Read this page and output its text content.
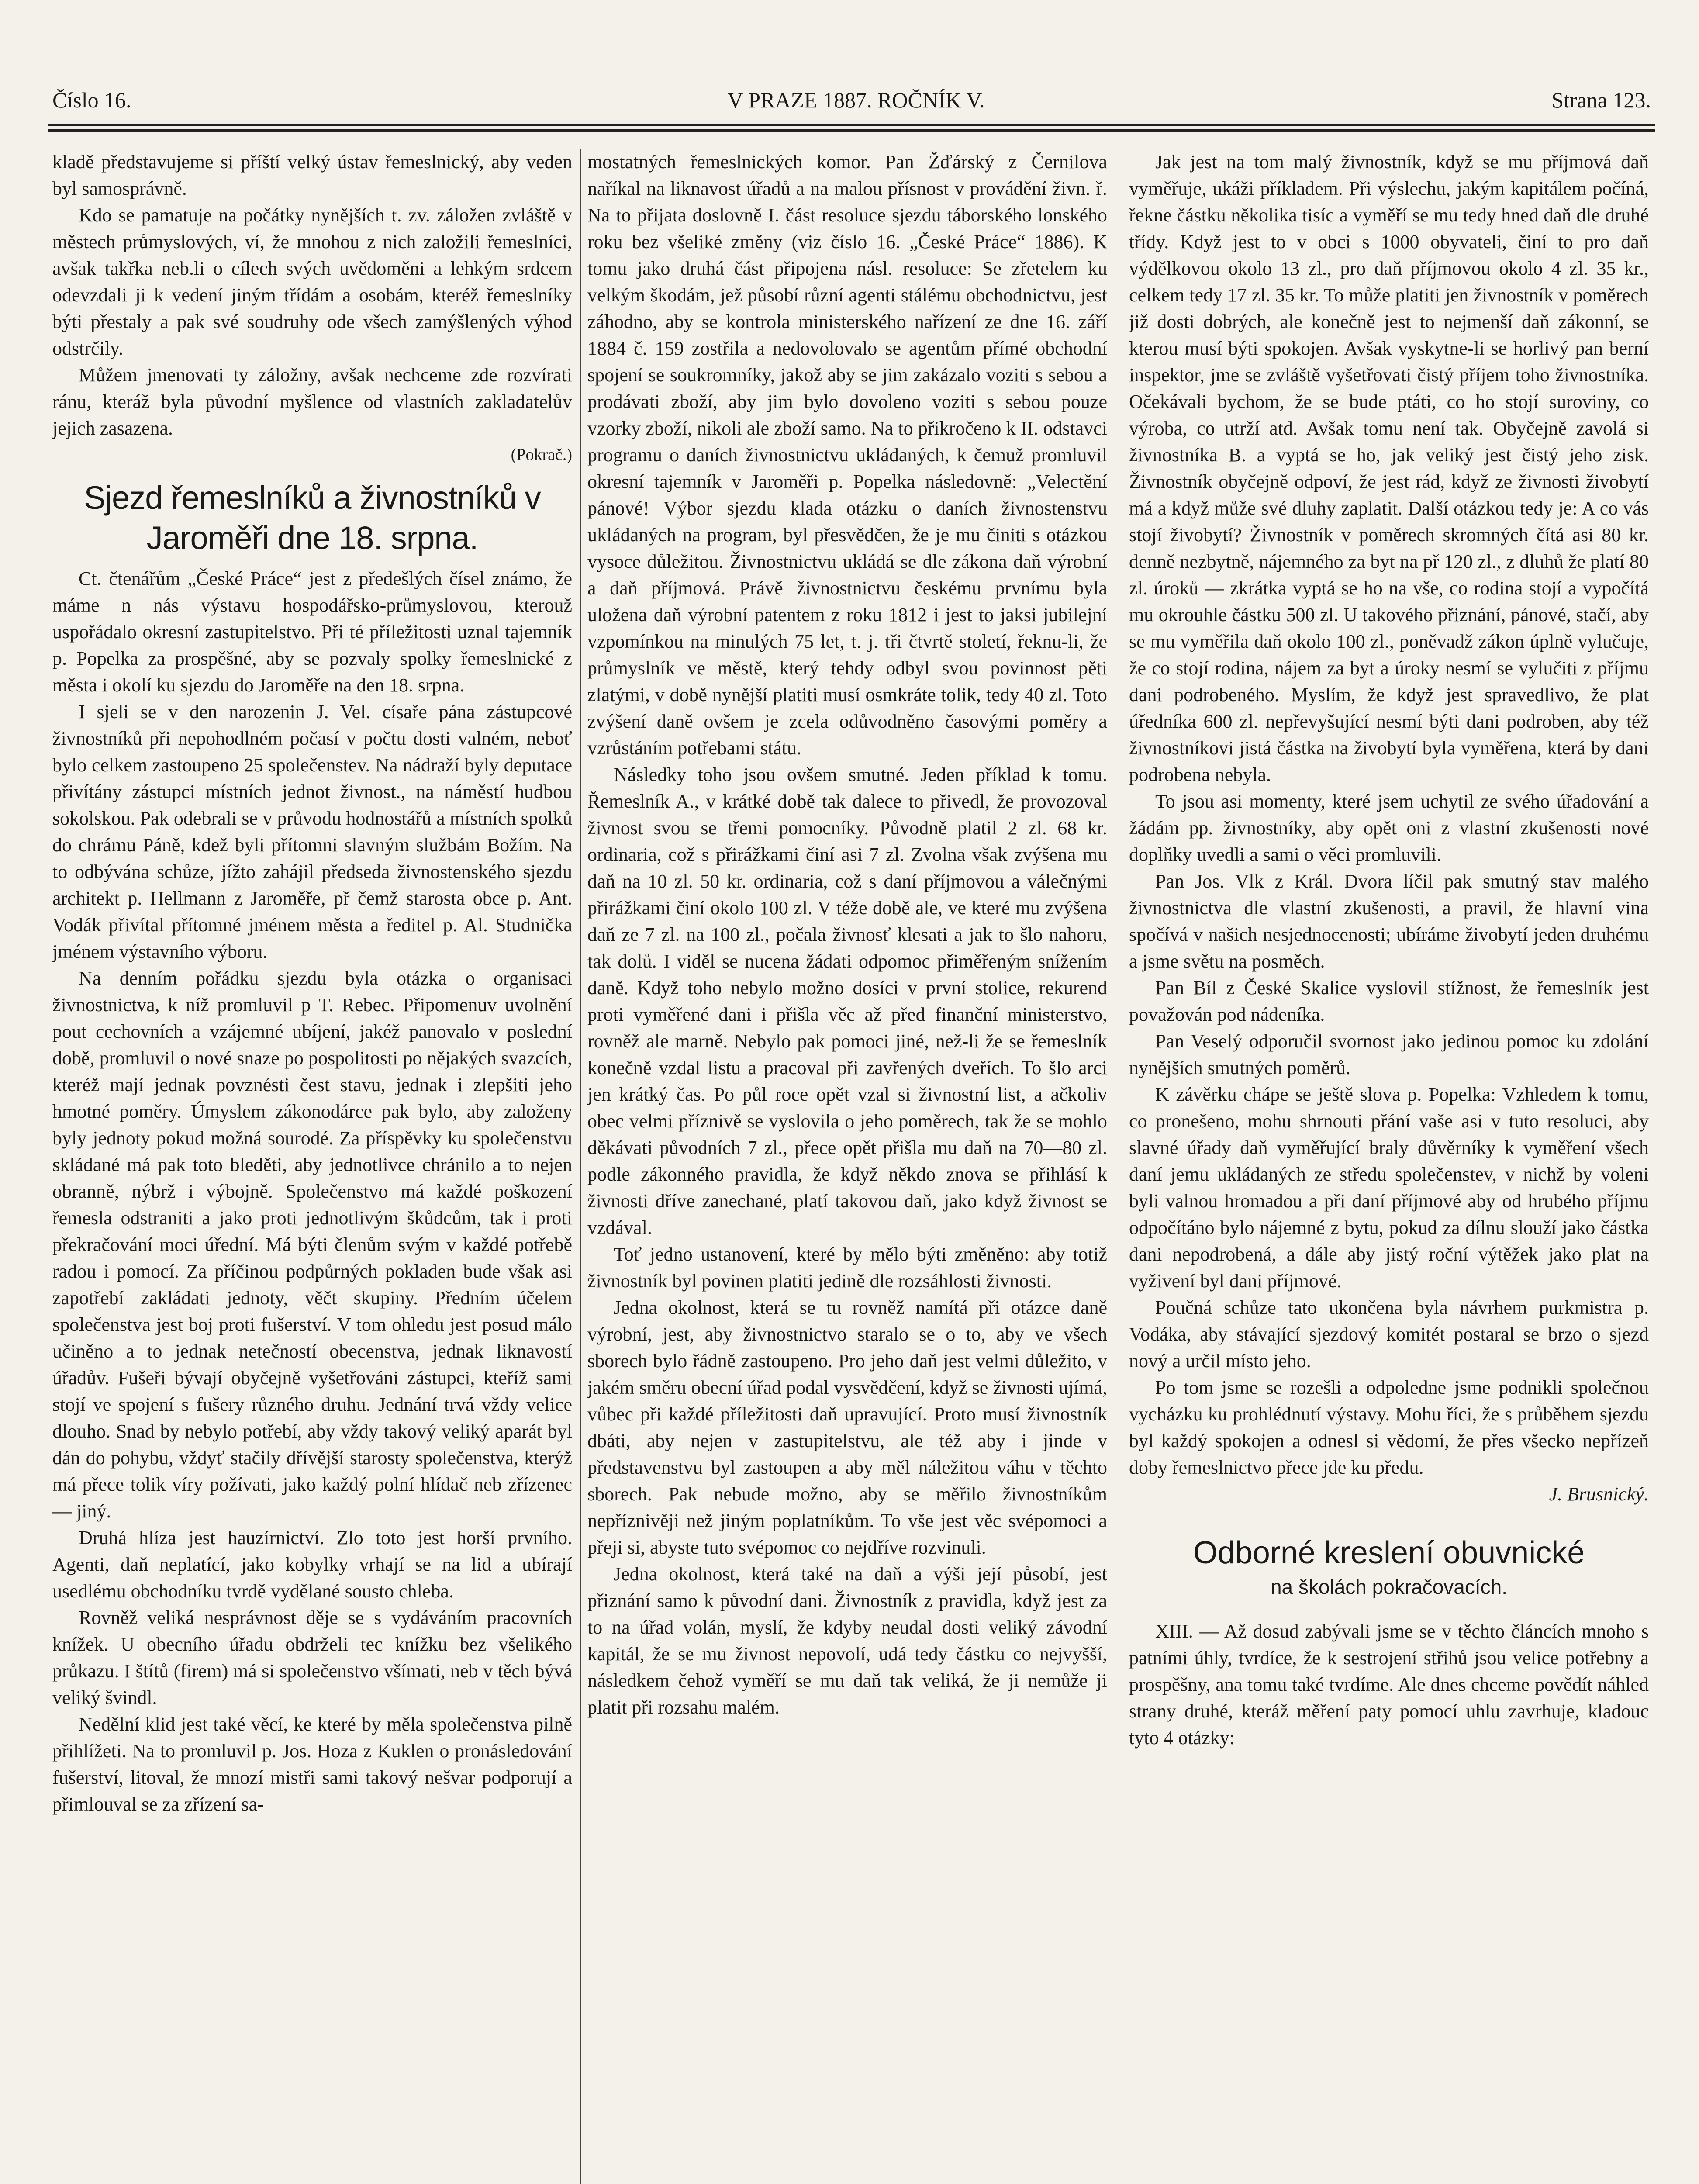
Číslo 16.	V PRAZE 1887. ROČNÍK V.	Strana 123.

kladě představujeme si příští velký ústav řemeslnický, aby veden byl samosprávně.

Kdo se pamatuje na počátky nynějších t. zv. záložen zvláště v městech průmyslových, ví, že mnohou z nich založili řemeslníci, avšak takřka neb.li o cílech svých uvědoměni a lehkým srdcem odevzdali ji k vedení jiným třídám a osobám, kteréž řemeslníky býti přestaly a pak své soudruhy ode všech zamýšlených výhod odstrčily.

Můžem jmenovati ty záložny, avšak nechceme zde rozvírati ránu, kteráž byla původní myšlence od vlastních zakladatelův jejich zasazena.

(Pokrač.)

Sjezd řemeslníků a živnostníků v Jaroměři dne 18. srpna.

Ct. čtenářům „České Práce“ jest z předešlých čísel známo, že máme n nás výstavu hospodářsko-průmyslovou, kterouž uspořádalo okresní zastupitelstvo. Při té příležitosti uznal tajemník p. Popelka za prospěšné, aby se pozvaly spolky řemeslnické z města i okolí ku sjezdu do Jaroměře na den 18. srpna.

I sjeli se v den narozenin J. Vel. císaře pána zástupcové živnostníků při nepohodlném počasí v počtu dosti valném, neboť bylo celkem zastoupeno 25 společenstev. Na nádraží byly deputace přivítány zástupci místních jednot živnost., na náměstí hudbou sokolskou. Pak odebrali se v průvodu hodnostářů a místních spolků do chrámu Páně, kdež byli přítomni slavným službám Božím. Na to odbývána schůze, jížto zahájil předseda živnostenského sjezdu architekt p. Hellmann z Jaroměře, př čemž starosta obce p. Ant. Vodák přivítal přítomné jménem města a ředitel p. Al. Studnička jménem výstavního výboru.

Na denním pořádku sjezdu byla otázka o organisaci živnostnictva, k níž promluvil p T. Rebec. Připomenuv uvolnění pout cechovních a vzájemné ubíjení, jakéž panovalo v poslední době, promluvil o nové snaze po pospolitosti po nějakých svazcích, kteréž mají jednak povznésti čest stavu, jednak i zlepšiti jeho hmotné poměry. Úmyslem zákonodárce pak bylo, aby založeny byly jednoty pokud možná sourodé. Za příspěvky ku společenstvu skládané má pak toto bleděti, aby jednotlivce chránilo a to nejen obranně, nýbrž i výbojně. Společenstvo má každé poškození řemesla odstraniti a jako proti jednotlivým škůdcům, tak i proti překračování moci úřední. Má býti členům svým v každé potřebě radou i pomocí. Za příčinou podpůrných pokladen bude však asi zapotřebí zakládati jednoty, věčt skupiny. Předním účelem společenstva jest boj proti fušerství. V tom ohledu jest posud málo učiněno a to jednak netečností obecenstva, jednak liknavostí úřadův. Fušeři bývají obyčejně vyšetřováni zástupci, kteříž sami stojí ve spojení s fušery různého druhu. Jednání trvá vždy velice dlouho. Snad by nebylo potřebí, aby vždy takový veliký aparát byl dán do pohybu, vždyť stačily dřívější starosty společenstva, kterýž má přece tolik víry požívati, jako každý polní hlídač neb zřízenec — jiný.

Druhá hlíza jest hauzírnictví. Zlo toto jest horší prvního. Agenti, daň neplatící, jako kobylky vrhají se na lid a ubírají usedlému obchodníku tvrdě vydělané sousto chleba.

Rovněž veliká nesprávnost děje se s vydáváním pracovních knížek. U obecního úřadu obdrželi tec knížku bez všelikého průkazu. I štítů (firem) má si společenstvo všímati, neb v těch bývá veliký švindl.

Nedělní klid jest také věcí, ke které by měla společenstva pilně přihlížeti. Na to promluvil p. Jos. Hoza z Kuklen o pronásledování fušerství, litoval, že mnozí mistři sami takový nešvar podporují a přimlouval se za zřízení sa-

mostatných řemeslnických komor. Pan Žďárský z Černilova naříkal na liknavost úřadů a na malou přísnost v provádění živn. ř. Na to přijata doslovně I. část resoluce sjezdu táborského lonského roku bez všeliké změny (viz číslo 16. „České Práce“ 1886). K tomu jako druhá část připojena násl. resoluce: Se zřetelem ku velkým škodám, jež působí různí agenti stálému obchodnictvu, jest záhodno, aby se kontrola ministerského nařízení ze dne 16. září 1884 č. 159 zostřila a nedovolovalo se agentům přímé obchodní spojení se soukromníky, jakož aby se jim zakázalo voziti s sebou a prodávati zboží, aby jim bylo dovoleno voziti s sebou pouze vzorky zboží, nikoli ale zboží samo. Na to přikročeno k II. odstavci programu o daních živnostnictvu ukládaných, k čemuž promluvil okresní tajemník v Jaroměři p. Popelka následovně: „Velectění pánové! Výbor sjezdu klada otázku o daních živnostenstvu ukládaných na program, byl přesvědčen, že je mu činiti s otázkou vysoce důležitou. Živnostnictvu ukládá se dle zákona daň výrobní a daň příjmová. Právě živnostnictvu českému prvnímu byla uložena daň výrobní patentem z roku 1812 i jest to jaksi jubilejní vzpomínkou na minulých 75 let, t. j. tři čtvrtě století, řeknu-li, že průmyslník ve městě, který tehdy odbyl svou povinnost pěti zlatými, v době nynější platiti musí osmkráte tolik, tedy 40 zl. Toto zvýšení daně ovšem je zcela odůvodněno časovými poměry a vzrůstáním potřebami státu.

Následky toho jsou ovšem smutné. Jeden příklad k tomu. Řemeslník A., v krátké době tak dalece to přivedl, že provozoval živnost svou se třemi pomocníky. Původně platil 2 zl. 68 kr. ordinaria, což s přirážkami činí asi 7 zl. Zvolna však zvýšena mu daň na 10 zl. 50 kr. ordinaria, což s daní příjmovou a válečnými přirážkami činí okolo 100 zl. V téže době ale, ve které mu zvýšena daň ze 7 zl. na 100 zl., počala živnosť klesati a jak to šlo nahoru, tak dolů. I viděl se nucena žádati odpomoc přiměřeným snížením daně. Když toho nebylo možno dosíci v první stolice, rekurend proti vyměřené dani i přišla věc až před finanční ministerstvo, rovněž ale marně. Nebylo pak pomoci jiné, než-li že se řemeslník konečně vzdal listu a pracoval při zavřených dveřích. To šlo arci jen krátký čas. Po půl roce opět vzal si živnostní list, a ačkoliv obec velmi příznivě se vyslovila o jeho poměrech, tak že se mohlo děkávati původních 7 zl., přece opět přišla mu daň na 70—80 zl. podle zákonného pravidla, že když někdo znova se přihlásí k živnosti dříve zanechané, platí takovou daň, jako když živnost se vzdával.

Toť jedno ustanovení, které by mělo býti změněno: aby totiž živnostník byl povinen platiti jedině dle rozsáhlosti živnosti.

Jedna okolnost, která se tu rovněž namítá při otázce daně výrobní, jest, aby živnostnictvo staralo se o to, aby ve všech sborech bylo řádně zastoupeno. Pro jeho daň jest velmi důležito, v jakém směru obecní úřad podal vysvědčení, když se živnosti ujímá, vůbec při každé příležitosti daň upravující. Proto musí živnostník dbáti, aby nejen v zastupitelstvu, ale též aby i jinde v představenstvu byl zastoupen a aby měl náležitou váhu v těchto sborech. Pak nebude možno, aby se měřilo živnostníkům nepříznivěji než jiným poplatníkům. To vše jest věc svépomoci a přeji si, abyste tuto svépomoc co nejdříve rozvinuli.

Jedna okolnost, která také na daň a výši její působí, jest přiznání samo k původní dani. Živnostník z pravidla, když jest za to na úřad volán, myslí, že kdyby neudal dosti veliký závodní kapitál, že se mu živnost nepovolí, udá tedy částku co nejvyšší, následkem čehož vyměří se mu daň tak veliká, že ji nemůže ji platit při rozsahu malém.

Jak jest na tom malý živnostník, když se mu příjmová daň vyměřuje, ukáži příkladem. Při výslechu, jakým kapitálem počíná, řekne částku několika tisíc a vyměří se mu tedy hned daň dle druhé třídy. Když jest to v obci s 1000 obyvateli, činí to pro daň výdělkovou okolo 13 zl., pro daň příjmovou okolo 4 zl. 35 kr., celkem tedy 17 zl. 35 kr. To může platiti jen živnostník v poměrech již dosti dobrých, ale konečně jest to nejmenší daň zákonní, se kterou musí býti spokojen. Avšak vyskytne-li se horlivý pan berní inspektor, jme se zvláště vyšetřovati čistý příjem toho živnostníka. Očekávali bychom, že se bude ptáti, co ho stojí suroviny, co výroba, co utrží atd. Avšak tomu není tak. Obyčejně zavolá si živnostníka B. a vyptá se ho, jak veliký jest čistý jeho zisk. Živnostník obyčejně odpoví, že jest rád, když ze živnosti živobytí má a když může své dluhy zaplatit. Další otázkou tedy je: A co vás stojí živobytí? Živnostník v poměrech skromných čítá asi 80 kr. denně nezbytně, nájemného za byt na př 120 zl., z dluhů že platí 80 zl. úroků — zkrátka vyptá se ho na vše, co rodina stojí a vypočítá mu okrouhle částku 500 zl. U takového přiznání, pánové, stačí, aby se mu vyměřila daň okolo 100 zl., poněvadž zákon úplně vylučuje, že co stojí rodina, nájem za byt a úroky nesmí se vylučiti z příjmu dani podrobeného. Myslím, že když jest spravedlivo, že plat úředníka 600 zl. nepřevyšující nesmí býti dani podroben, aby též živnostníkovi jistá částka na živobytí byla vyměřena, která by dani podrobena nebyla.

To jsou asi momenty, které jsem uchytil ze svého úřadování a žádám pp. živnostníky, aby opět oni z vlastní zkušenosti nové doplňky uvedli a sami o věci promluvili.

Pan Jos. Vlk z Král. Dvora líčil pak smutný stav malého živnostnictva dle vlastní zkušenosti, a pravil, že hlavní vina spočívá v našich nesjednocenosti; ubíráme živobytí jeden druhému a jsme světu na posměch.

Pan Bíl z České Skalice vyslovil stížnost, že řemeslník jest považován pod nádeníka.

Pan Veselý odporučil svornost jako jedinou pomoc ku zdolání nynějších smutných poměrů.

K závěrku chápe se ještě slova p. Popelka: Vzhledem k tomu, co pronešeno, mohu shrnouti přání vaše asi v tuto resoluci, aby slavné úřady daň vyměřující braly důvěrníky k vyměření všech daní jemu ukládaných ze středu společenstev, v nichž by voleni byli valnou hromadou a při daní příjmové aby od hrubého příjmu odpočítáno bylo nájemné z bytu, pokud za dílnu slouží jako částka dani nepodrobená, a dále aby jistý roční výtěžek jako plat na vyživení byl dani příjmové.

Poučná schůze tato ukončena byla návrhem purkmistra p. Vodáka, aby stávající sjezdový komitét postaral se brzo o sjezd nový a určil místo jeho.

Po tom jsme se rozešli a odpoledne jsme podnikli společnou vycházku ku prohlédnutí výstavy. Mohu říci, že s průběhem sjezdu byl každý spokojen a odnesl si vědomí, že přes všecko nepřízeň doby řemeslnictvo přece jde ku předu.

J. Brusnický.

Odborné kreslení obuvnické
na školách pokračovacích.

XIII. — Až dosud zabývali jsme se v těchto článcích mnoho s patními úhly, tvrdíce, že k sestrojení střihů jsou velice potřebny a prospěšny, ana tomu také tvrdíme. Ale dnes chceme povědít náhled strany druhé, kteráž měření paty pomocí uhlu zavrhuje, kladouc tyto 4 otázky:
